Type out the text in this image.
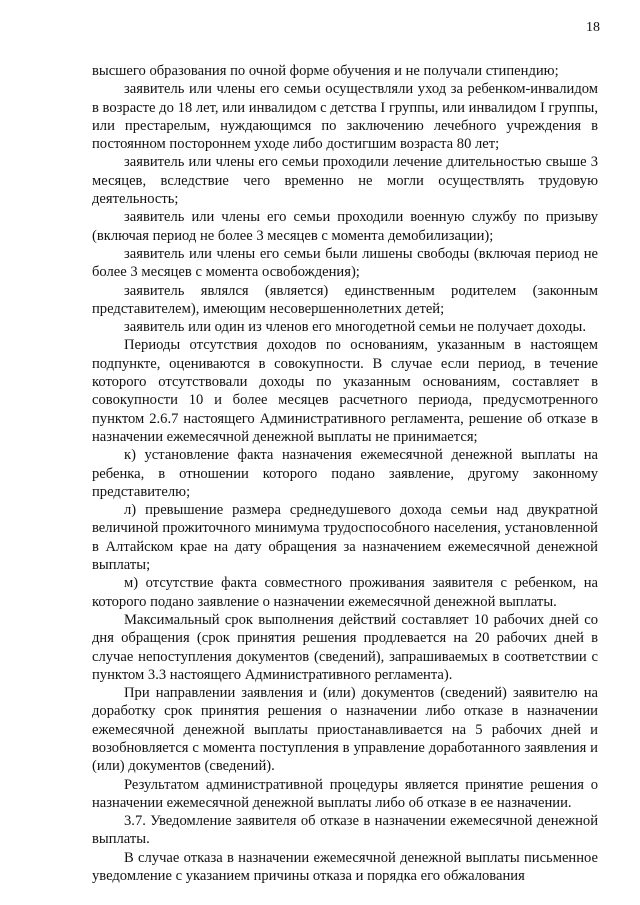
18

высшего образования по очной форме обучения и не получали стипендию;

заявитель или члены его семьи осуществляли уход за ребенком-инвалидом в возрасте до 18 лет, или инвалидом с детства I группы, или инвалидом I группы, или престарелым, нуждающимся по заключению лечебного учреждения в постоянном постороннем уходе либо достигшим возраста 80 лет;

заявитель или члены его семьи проходили лечение длительностью свыше 3 месяцев, вследствие чего временно не могли осуществлять трудовую деятельность;

заявитель или члены его семьи проходили военную службу по призыву (включая период не более 3 месяцев с момента демобилизации);

заявитель или члены его семьи были лишены свободы (включая период не более 3 месяцев с момента освобождения);

заявитель являлся (является) единственным родителем (законным представителем), имеющим несовершеннолетних детей;

заявитель или один из членов его многодетной семьи не получает доходы.

Периоды отсутствия доходов по основаниям, указанным в настоящем подпункте, оцениваются в совокупности. В случае если период, в течение которого отсутствовали доходы по указанным основаниям, составляет в совокупности 10 и более месяцев расчетного периода, предусмотренного пунктом 2.6.7 настоящего Административного регламента, решение об отказе в назначении ежемесячной денежной выплаты не принимается;

к) установление факта назначения ежемесячной денежной выплаты на ребенка, в отношении которого подано заявление, другому законному представителю;

л) превышение размера среднедушевого дохода семьи над двукратной величиной прожиточного минимума трудоспособного населения, установленной в Алтайском крае на дату обращения за назначением ежемесячной денежной выплаты;

м) отсутствие факта совместного проживания заявителя с ребенком, на которого подано заявление о назначении ежемесячной денежной выплаты.

Максимальный срок выполнения действий составляет 10 рабочих дней со дня обращения (срок принятия решения продлевается на 20 рабочих дней в случае непоступления документов (сведений), запрашиваемых в соответствии с пунктом 3.3 настоящего Административного регламента).

При направлении заявления и (или) документов (сведений) заявителю на доработку срок принятия решения о назначении либо отказе в назначении ежемесячной денежной выплаты приостанавливается на 5 рабочих дней и возобновляется с момента поступления в управление доработанного заявления и (или) документов (сведений).

Результатом административной процедуры является принятие решения о назначении ежемесячной денежной выплаты либо об отказе в ее назначении.

3.7. Уведомление заявителя об отказе в назначении ежемесячной денежной выплаты.

В случае отказа в назначении ежемесячной денежной выплаты письменное уведомление с указанием причины отказа и порядка его обжалования
